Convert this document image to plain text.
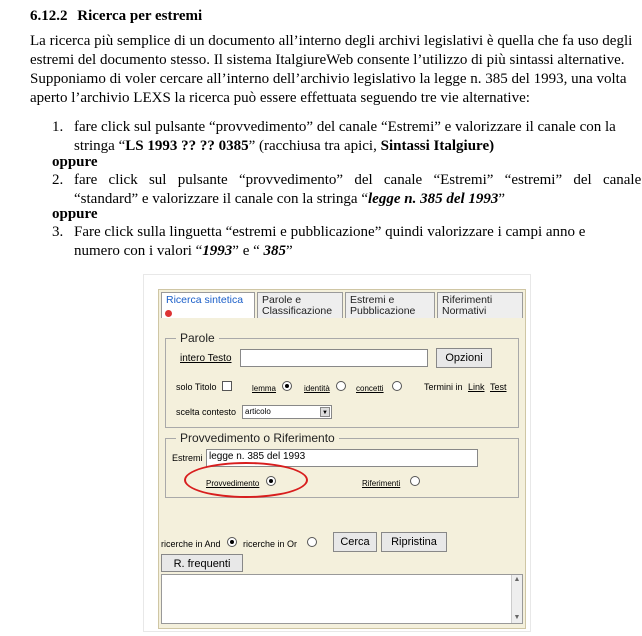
6.12.2 Ricerca per estremi
La ricerca più semplice di un documento all’interno degli archivi legislativi è quella che fa uso degli
estremi del documento stesso. Il sistema ItalgiureWeb consente l’utilizzo di più sintassi alternative.
Supponiamo di voler cercare all’interno dell’archivio legislativo la legge n. 385 del 1993, una volta
aperto l’archivio LEXS la ricerca può essere effettuata seguendo tre vie alternative:
1. fare click sul pulsante “provvedimento” del canale “Estremi” e valorizzare il canale con la
stringa “LS 1993 ?? ?? 0385” (racchiusa tra apici, Sintassi Italgiure)
oppure
2. fare   click   sul   pulsante   “provvedimento”   del   canale   “Estremi”   “estremi”   del   canale
“standard” e valorizzare il canale con la stringa “legge n. 385 del 1993”
oppure
3. Fare click sulla linguetta “estremi e pubblicazione” quindi valorizzare i campi anno e
numero con i valori “1993” e “ 385”
Ricerca sintetica	Parole e
Classificazione
Estremi e
Pubblicazione
Riferimenti
Normativi
Parole
intero Testo	Opzioni
solo Titolo	lemma	identità	concetti	Termini in Link Test
scelta contesto	articolo	▼
Provvedimento o Riferimento
Estremi legge n. 385 del 1993
Provvedimento	Riferimenti
ricerche in And ricerche in Or	Cerca	Ripristina
R. frequenti
▲
▼
